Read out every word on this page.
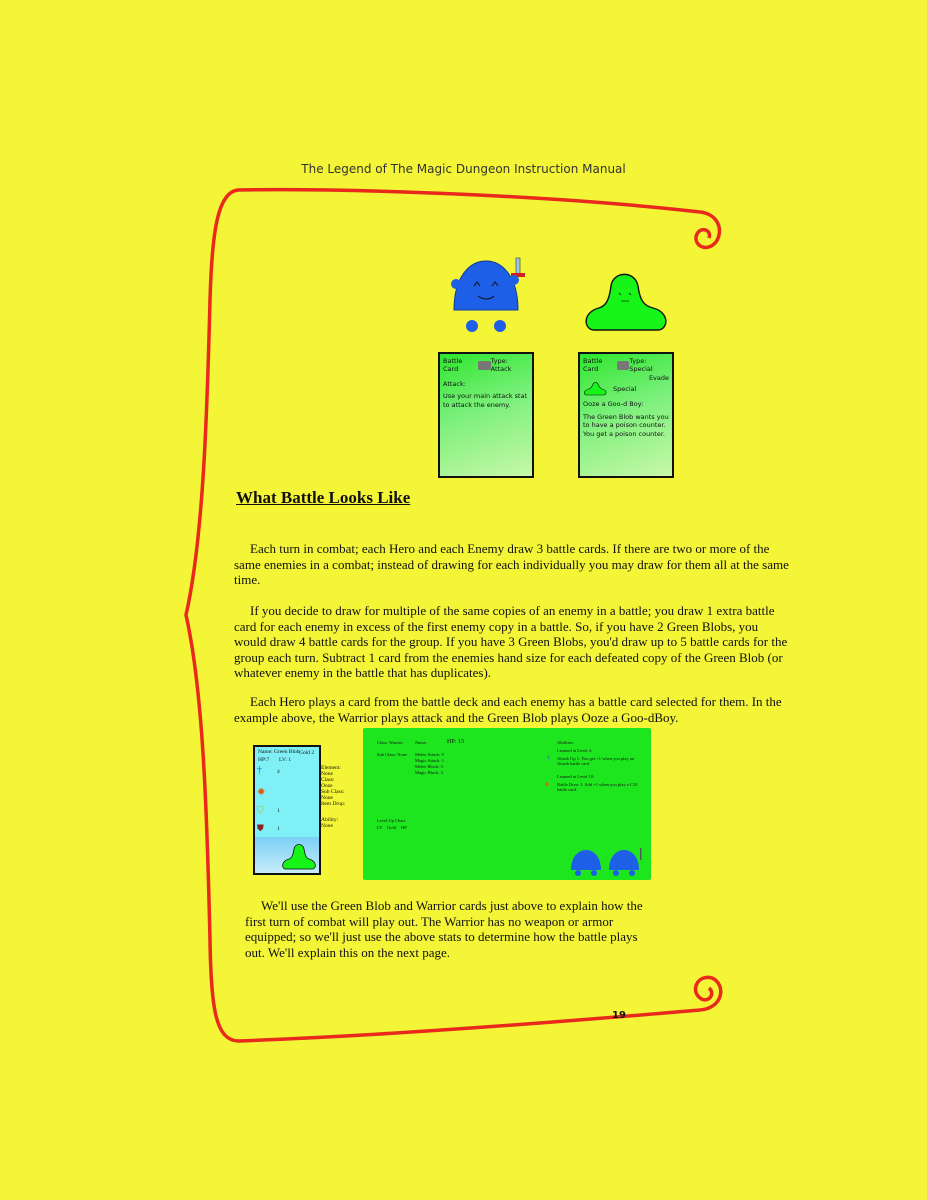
The Legend of The Magic Dungeon Instruction Manual
Battle Card
Type: Attack

Attack:

Use your main attack stat to attack the enemy.

Battle Card
Type: Special
Evade
Special

Ooze a Goo-d Boy:

The Green Blob wants you to have a poison counter. You get a poison counter.

What Battle Looks Like

Each turn in combat; each Hero and each Enemy draw 3 battle cards. If there are two or more of the same enemies in a combat; instead of drawing for each individually you may draw for them all at the same time.

If you decide to draw for multiple of the same copies of an enemy in a battle; you draw 1 extra battle card for each enemy in excess of the first enemy copy in a battle. So, if you have 2 Green Blobs, you would draw 4 battle cards for the group. If you have 3 Green Blobs, you'd draw up to 5 battle cards for the group each turn. Subtract 1 card from the enemies hand size for each defeated copy of the Green Blob (or whatever enemy in the battle that has duplicates).

Each Hero plays a card from the battle deck and each enemy has a battle card selected for them. In the example above, the Warrior plays attack and the Green Blob plays Ooze a Goo-dBoy.

Name: Green Blob Gold 2
HP:7 LV: 1
†	4
✹
⛉ 1
⛊ 1
Element:
None
Class:
Ooze
Sub Class:
None
Item Drop:
Ability:
None
Class: Warrior	Name:	HP: 13
Sub Class: None Melee Attack: 9
Magic Attack: 1
Melee Block: 3
Magic Block: 3
Abilities:
Learned at Level 4:
† Attack Up 1: You get +1 when you play an Attack battle card.
Learned at Level 10:
■ Battle Draw 1: Add +1 when you play a C10 battle card.
Level Up Chart:
LV Gold HP

We'll use the Green Blob and Warrior cards just above to explain how the first turn of combat will play out. The Warrior has no weapon or armor equipped; so we'll just use the above stats to determine how the battle plays out. We'll explain this on the next page.

19
